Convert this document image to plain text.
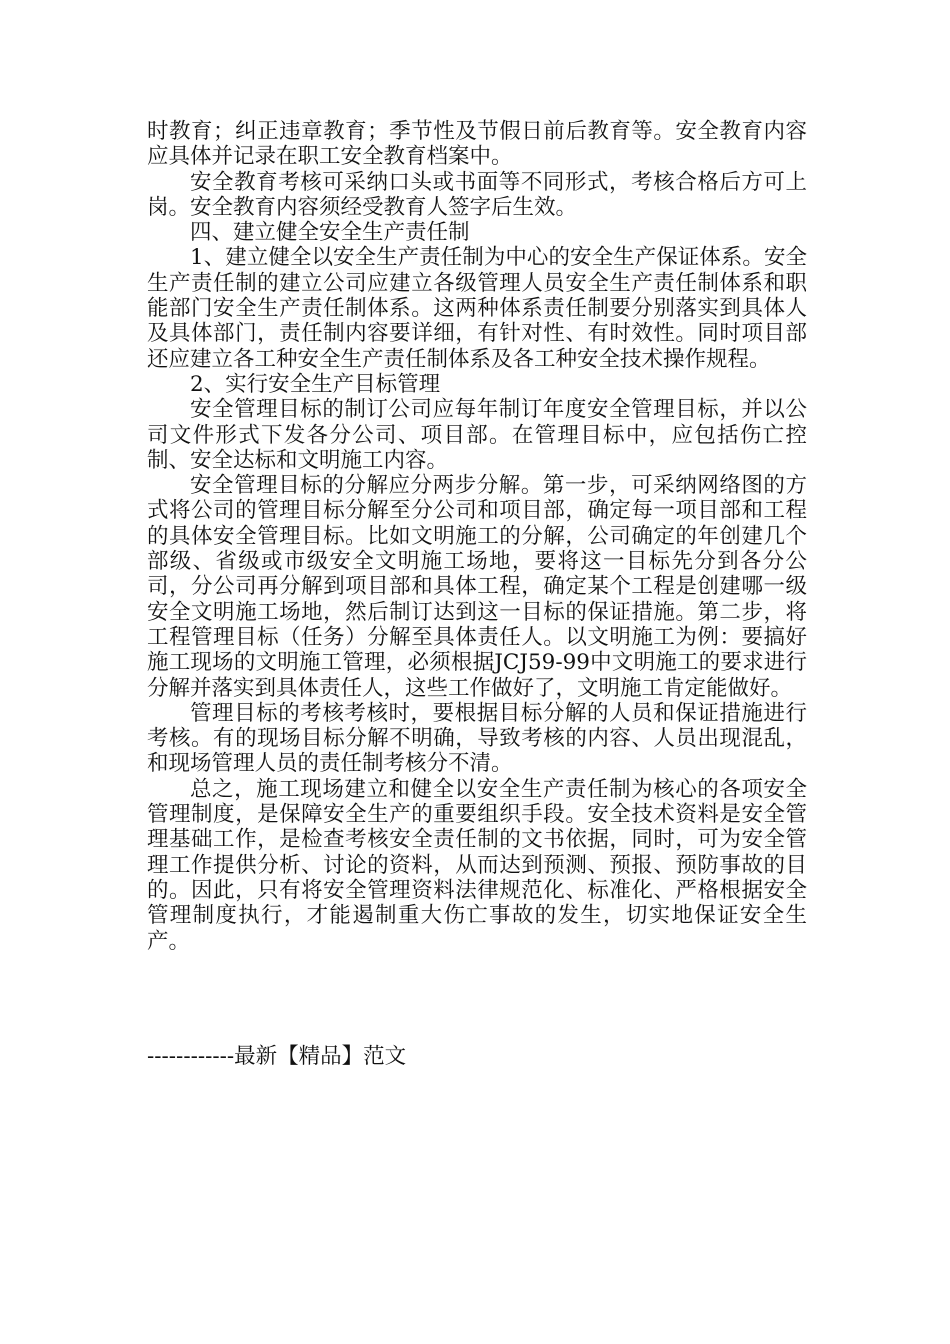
时教育；纠正违章教育；季节性及节假日前后教育等。安全教育内容应具体并记录在职工安全教育档案中。

安全教育考核可采纳口头或书面等不同形式，考核合格后方可上岗。安全教育内容须经受教育人签字后生效。

四、建立健全安全生产责任制

1、建立健全以安全生产责任制为中心的安全生产保证体系。安全生产责任制的建立公司应建立各级管理人员安全生产责任制体系和职能部门安全生产责任制体系。这两种体系责任制要分别落实到具体人及具体部门，责任制内容要详细，有针对性、有时效性。同时项目部还应建立各工种安全生产责任制体系及各工种安全技术操作规程。

2、实行安全生产目标管理

安全管理目标的制订公司应每年制订年度安全管理目标，并以公司文件形式下发各分公司、项目部。在管理目标中，应包括伤亡控制、安全达标和文明施工内容。

安全管理目标的分解应分两步分解。第一步，可采纳网络图的方式将公司的管理目标分解至分公司和项目部，确定每一项目部和工程的具体安全管理目标。比如文明施工的分解，公司确定的年创建几个部级、省级或市级安全文明施工场地，要将这一目标先分到各分公司，分公司再分解到项目部和具体工程，确定某个工程是创建哪一级安全文明施工场地，然后制订达到这一目标的保证措施。第二步，将工程管理目标（任务）分解至具体责任人。以文明施工为例：要搞好施工现场的文明施工管理，必须根据JCJ59-99中文明施工的要求进行分解并落实到具体责任人，这些工作做好了，文明施工肯定能做好。

管理目标的考核考核时，要根据目标分解的人员和保证措施进行考核。有的现场目标分解不明确，导致考核的内容、人员出现混乱，和现场管理人员的责任制考核分不清。

总之，施工现场建立和健全以安全生产责任制为核心的各项安全管理制度，是保障安全生产的重要组织手段。安全技术资料是安全管理基础工作，是检查考核安全责任制的文书依据，同时，可为安全管理工作提供分析、讨论的资料，从而达到预测、预报、预防事故的目的。因此，只有将安全管理资料法律规范化、标准化、严格根据安全管理制度执行，才能遏制重大伤亡事故的发生，切实地保证安全生产。

------------最新【精品】范文
